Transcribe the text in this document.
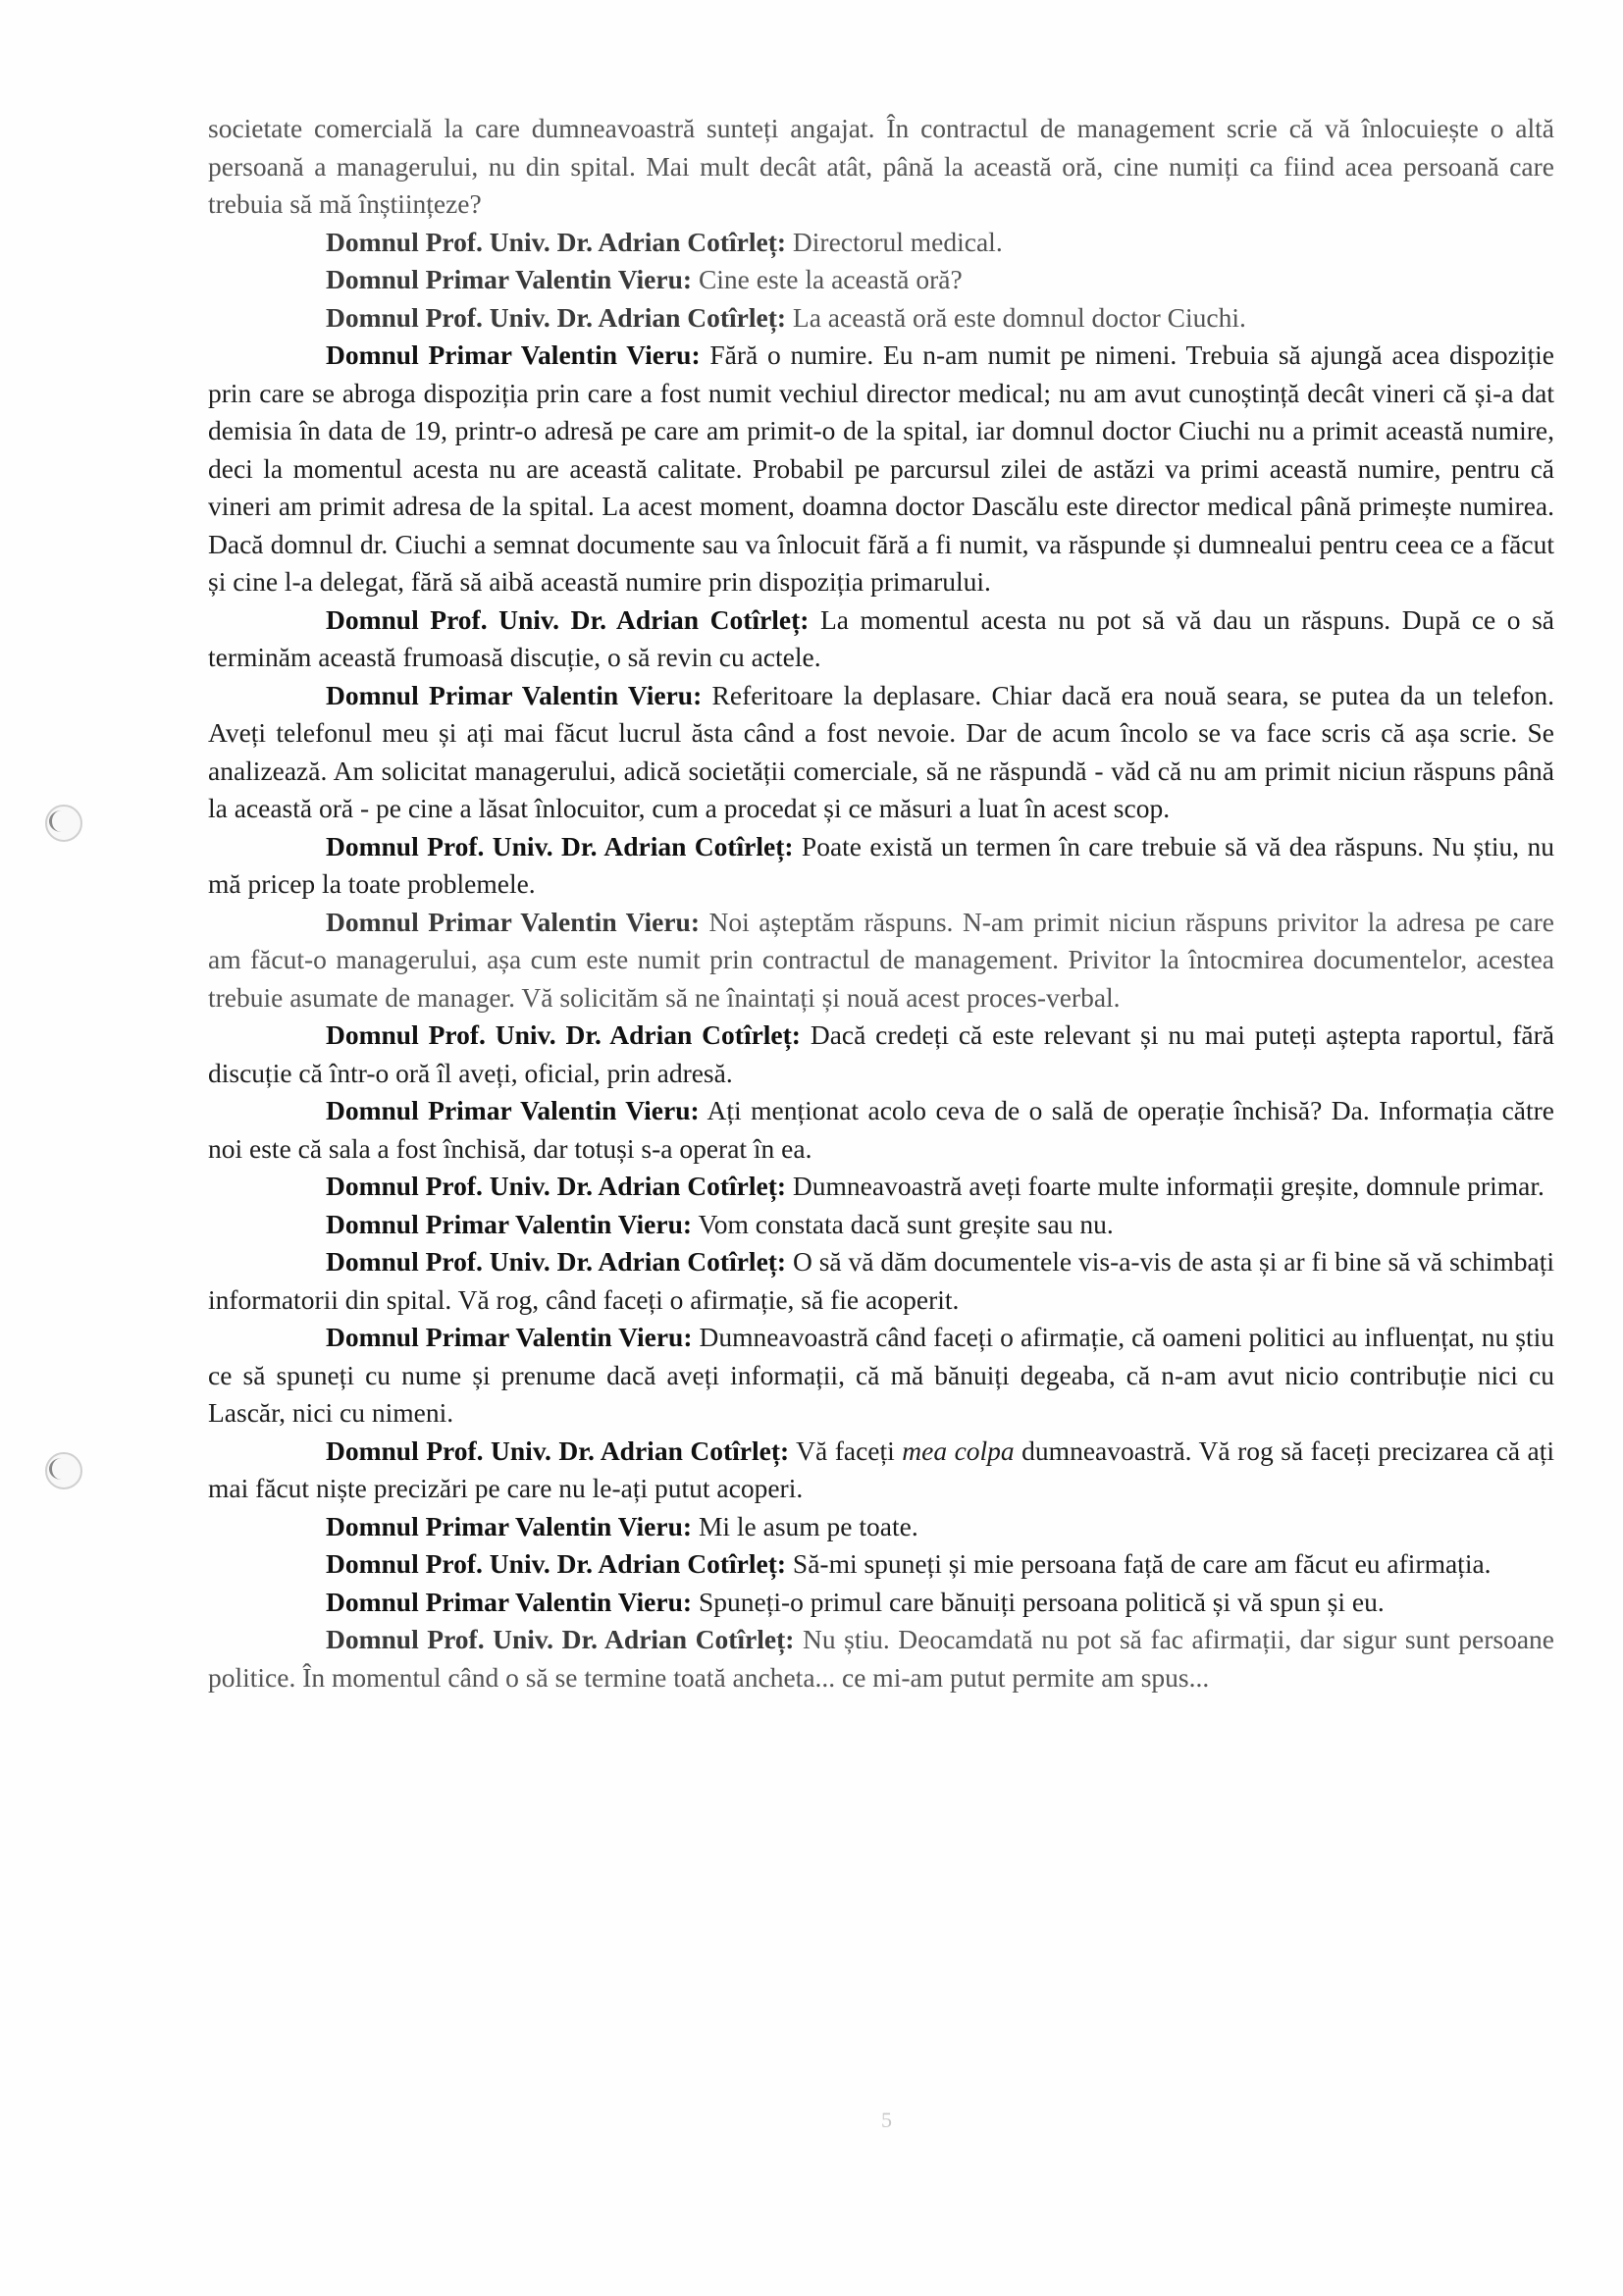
societate comercială la care dumneavoastră sunteți angajat. În contractul de management scrie că vă înlocuiește o altă persoană a managerului, nu din spital. Mai mult decât atât, până la această oră, cine numiți ca fiind acea persoană care trebuia să mă înștiințeze?

Domnul Prof. Univ. Dr. Adrian Cotîrleț: Directorul medical.

Domnul Primar Valentin Vieru: Cine este la această oră?

Domnul Prof. Univ. Dr. Adrian Cotîrleț: La această oră este domnul doctor Ciuchi.

Domnul Primar Valentin Vieru: Fără o numire. Eu n-am numit pe nimeni. Trebuia să ajungă acea dispoziție prin care se abroga dispoziția prin care a fost numit vechiul director medical; nu am avut cunoștință decât vineri că și-a dat demisia în data de 19, printr-o adresă pe care am primit-o de la spital, iar domnul doctor Ciuchi nu a primit această numire, deci la momentul acesta nu are această calitate. Probabil pe parcursul zilei de astăzi va primi această numire, pentru că vineri am primit adresa de la spital. La acest moment, doamna doctor Dascălu este director medical până primește numirea. Dacă domnul dr. Ciuchi a semnat documente sau va înlocuit fără a fi numit, va răspunde și dumnealui pentru ceea ce a făcut și cine l-a delegat, fără să aibă această numire prin dispoziția primarului.

Domnul Prof. Univ. Dr. Adrian Cotîrleț: La momentul acesta nu pot să vă dau un răspuns. După ce o să terminăm această frumoasă discuție, o să revin cu actele.

Domnul Primar Valentin Vieru: Referitoare la deplasare. Chiar dacă era nouă seara, se putea da un telefon. Aveți telefonul meu și ați mai făcut lucrul ăsta când a fost nevoie. Dar de acum încolo se va face scris că așa scrie. Se analizează. Am solicitat managerului, adică societății comerciale, să ne răspundă - văd că nu am primit niciun răspuns până la această oră - pe cine a lăsat înlocuitor, cum a procedat și ce măsuri a luat în acest scop.

Domnul Prof. Univ. Dr. Adrian Cotîrleț: Poate există un termen în care trebuie să vă dea răspuns. Nu știu, nu mă pricep la toate problemele.

Domnul Primar Valentin Vieru: Noi așteptăm răspuns. N-am primit niciun răspuns privitor la adresa pe care am făcut-o managerului, așa cum este numit prin contractul de management. Privitor la întocmirea documentelor, acestea trebuie asumate de manager. Vă solicităm să ne înaintați și nouă acest proces-verbal.

Domnul Prof. Univ. Dr. Adrian Cotîrleț: Dacă credeți că este relevant și nu mai puteți aștepta raportul, fără discuție că într-o oră îl aveți, oficial, prin adresă.

Domnul Primar Valentin Vieru: Ați menționat acolo ceva de o sală de operație închisă? Da. Informația către noi este că sala a fost închisă, dar totuși s-a operat în ea.

Domnul Prof. Univ. Dr. Adrian Cotîrleț: Dumneavoastră aveți foarte multe informații greșite, domnule primar.

Domnul Primar Valentin Vieru: Vom constata dacă sunt greșite sau nu.

Domnul Prof. Univ. Dr. Adrian Cotîrleț: O să vă dăm documentele vis-a-vis de asta și ar fi bine să vă schimbați informatorii din spital. Vă rog, când faceți o afirmație, să fie acoperit.

Domnul Primar Valentin Vieru: Dumneavoastră când faceți o afirmație, că oameni politici au influențat, nu știu ce să spuneți cu nume și prenume dacă aveți informații, că mă bănuiți degeaba, că n-am avut nicio contribuție nici cu Lascăr, nici cu nimeni.

Domnul Prof. Univ. Dr. Adrian Cotîrleț: Vă faceți mea colpa dumneavoastră. Vă rog să faceți precizarea că ați mai făcut niște precizări pe care nu le-ați putut acoperi.

Domnul Primar Valentin Vieru: Mi le asum pe toate.

Domnul Prof. Univ. Dr. Adrian Cotîrleț: Să-mi spuneți și mie persoana față de care am făcut eu afirmația.

Domnul Primar Valentin Vieru: Spuneți-o primul care bănuiți persoana politică și vă spun și eu.

Domnul Prof. Univ. Dr. Adrian Cotîrleț: Nu știu. Deocamdată nu pot să fac afirmații, dar sigur sunt persoane politice. În momentul când o să se termine toată ancheta... ce mi-am putut permite am spus...

5
